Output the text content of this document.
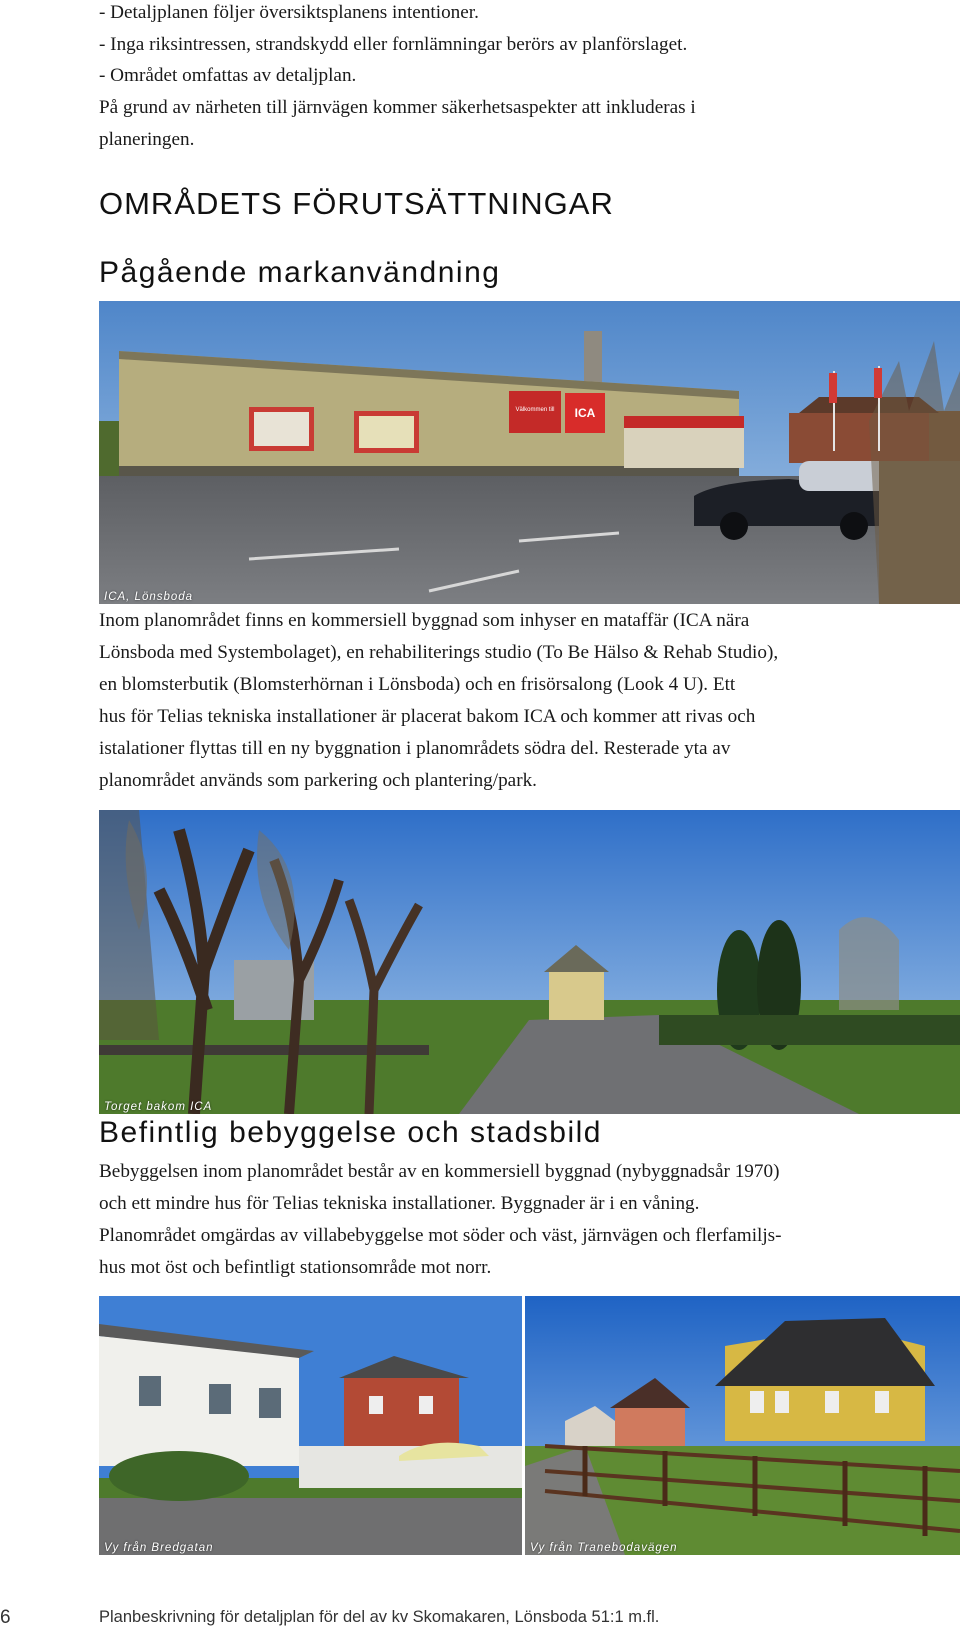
- Detaljplanen följer översiktsplanens intentioner.
- Inga riksintressen, strandskydd eller fornlämningar berörs av planförslaget.
- Området omfattas av detaljplan.
På grund av närheten till järnvägen kommer säkerhetsaspekter att inkluderas i
planeringen.
OMRÅDETS FÖRUTSÄTTNINGAR
Pågående markanvändning
Välkommen till ICA
ICA, Lönsboda
Inom planområdet finns en kommersiell byggnad som inhyser en mataffär (ICA nära
Lönsboda med Systembolaget), en rehabiliterings studio (To Be Hälso & Rehab Studio),
en blomsterbutik (Blomsterhörnan i Lönsboda) och en frisörsalong (Look 4 U). Ett
hus för Telias tekniska installationer är placerat bakom ICA och kommer att rivas och
istalationer flyttas till en ny byggnation i planområdets södra del. Resterade yta av
planområdet används som parkering och plantering/park.
Torget bakom ICA
Befintlig bebyggelse och stadsbild
Bebyggelsen inom planområdet består av en kommersiell byggnad (nybyggnadsår 1970)
och ett mindre hus för Telias tekniska installationer. Byggnader är i en våning.
Planområdet omgärdas av villabebyggelse mot söder och väst, järnvägen och flerfamiljs-
hus mot öst och befintligt stationsområde mot norr.
Vy från Bredgatan	Vy från Tranebodavägen
6	Planbeskrivning för detaljplan för del av kv Skomakaren, Lönsboda 51:1 m.fl.
